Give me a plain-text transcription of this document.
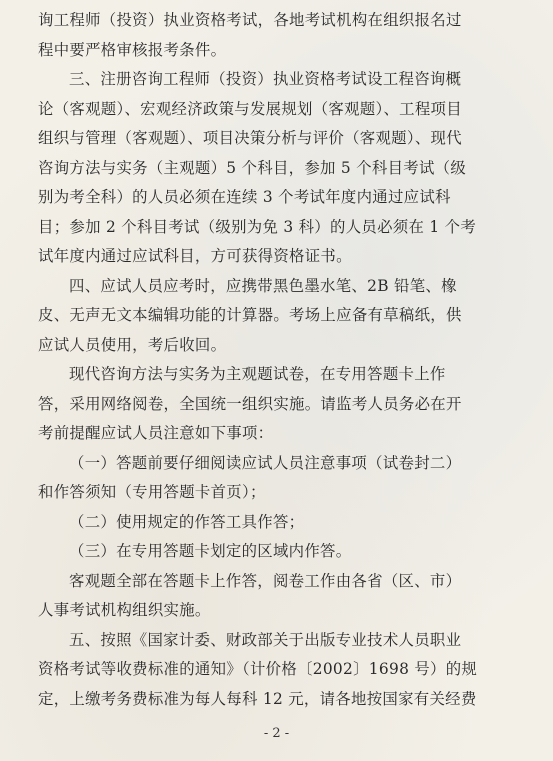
询工程师（投资）执业资格考试，各地考试机构在组织报名过
程中要严格审核报考条件。
三、注册咨询工程师（投资）执业资格考试设工程咨询概
论（客观题）、宏观经济政策与发展规划（客观题）、工程项目
组织与管理（客观题）、项目决策分析与评价（客观题）、现代
咨询方法与实务（主观题）5 个科目，参加 5 个科目考试（级
别为考全科）的人员必须在连续 3 个考试年度内通过应试科
目；参加 2 个科目考试（级别为免 3 科）的人员必须在 1 个考
试年度内通过应试科目，方可获得资格证书。
四、应试人员应考时，应携带黑色墨水笔、2B 铅笔、橡
皮、无声无文本编辑功能的计算器。考场上应备有草稿纸，供
应试人员使用，考后收回。
现代咨询方法与实务为主观题试卷，在专用答题卡上作
答，采用网络阅卷，全国统一组织实施。请监考人员务必在开
考前提醒应试人员注意如下事项：
（一）答题前要仔细阅读应试人员注意事项（试卷封二）
和作答须知（专用答题卡首页）；
（二）使用规定的作答工具作答；
（三）在专用答题卡划定的区域内作答。
客观题全部在答题卡上作答，阅卷工作由各省（区、市）
人事考试机构组织实施。
五、按照《国家计委、财政部关于出版专业技术人员职业
资格考试等收费标准的通知》（计价格〔2002〕1698 号）的规
定，上缴考务费标准为每人每科 12 元，请各地按国家有关经费
- 2 -
